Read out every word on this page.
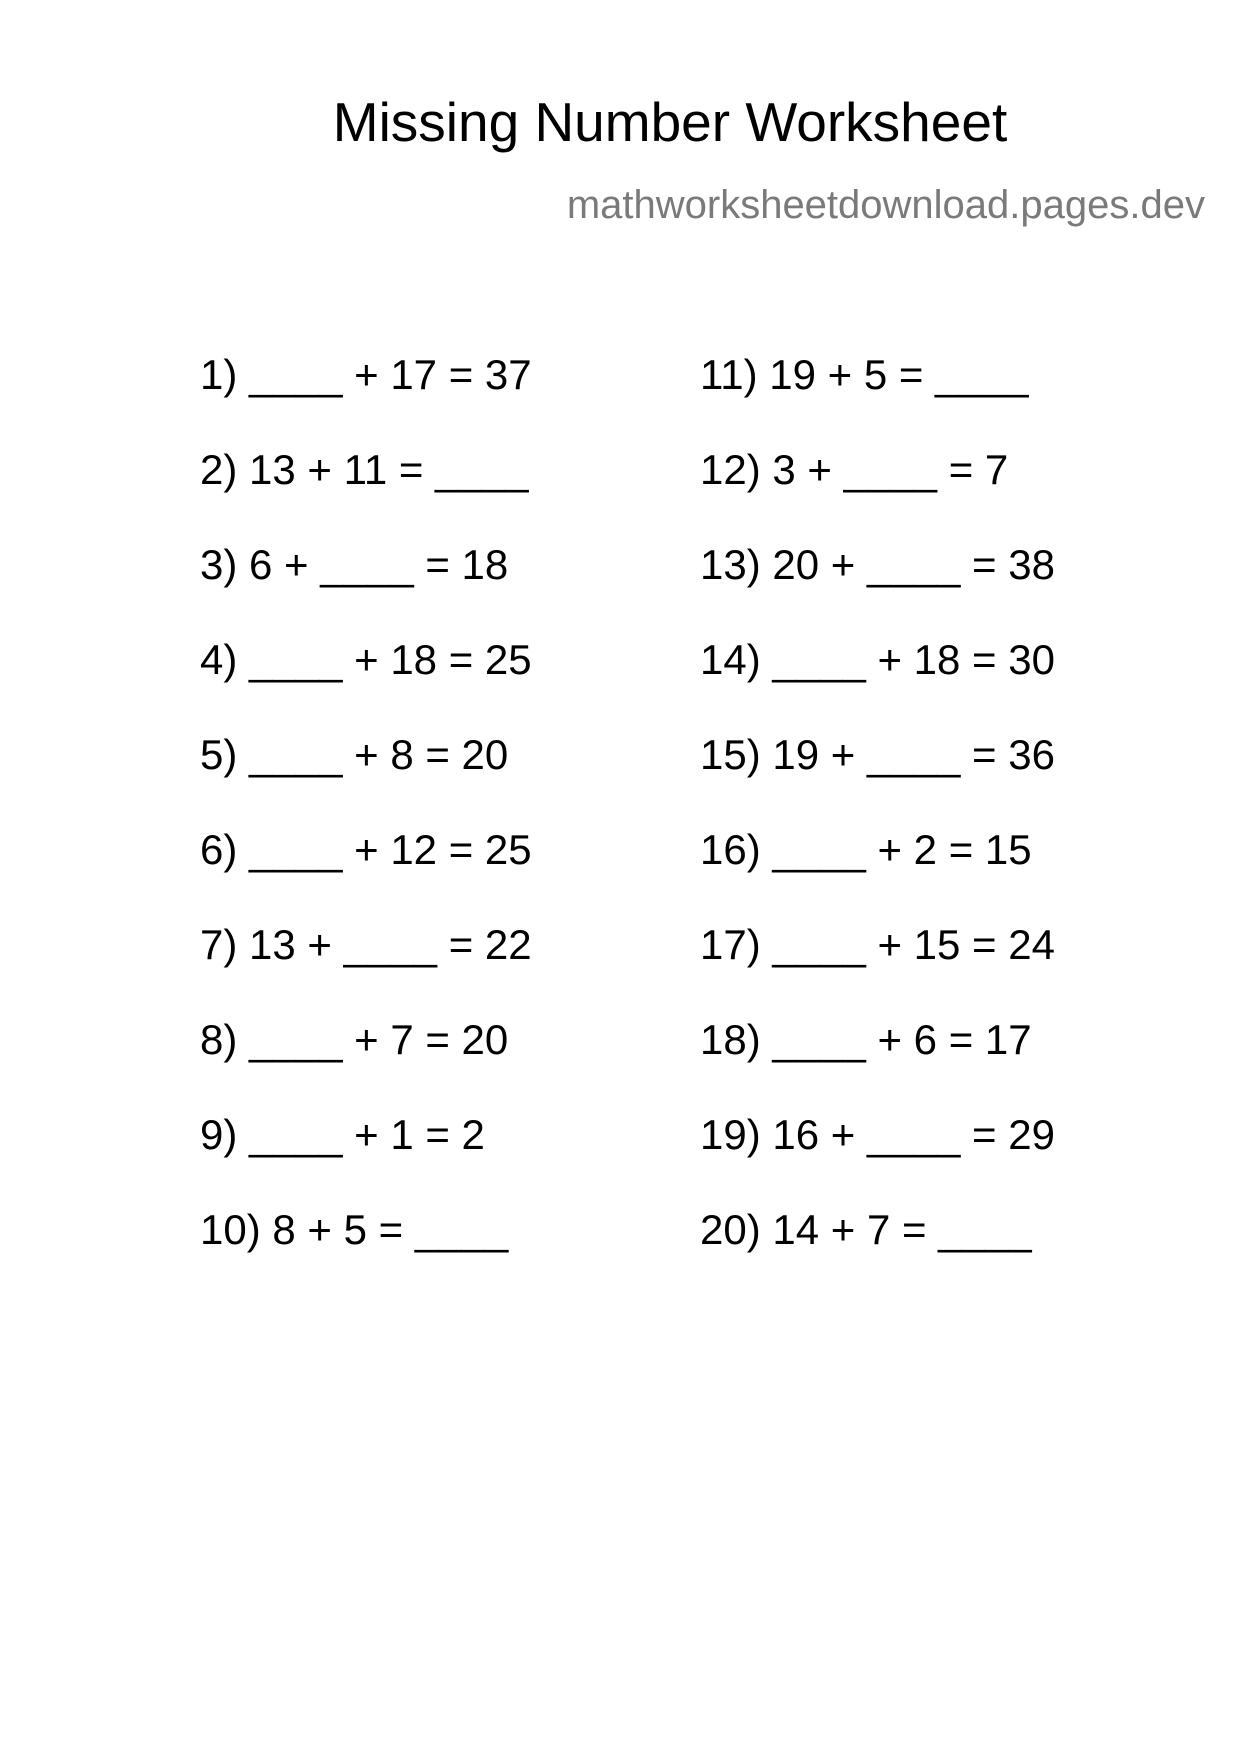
Missing Number Worksheet
mathworksheetdownload.pages.dev
1) ____ + 17 = 37
2) 13 + 11 = ____
3) 6 + ____ = 18
4) ____ + 18 = 25
5) ____ + 8 = 20
6) ____ + 12 = 25
7) 13 + ____ = 22
8) ____ + 7 = 20
9) ____ + 1 = 2
10) 8 + 5 = ____
11) 19 + 5 = ____
12) 3 + ____ = 7
13) 20 + ____ = 38
14) ____ + 18 = 30
15) 19 + ____ = 36
16) ____ + 2 = 15
17) ____ + 15 = 24
18) ____ + 6 = 17
19) 16 + ____ = 29
20) 14 + 7 = ____
